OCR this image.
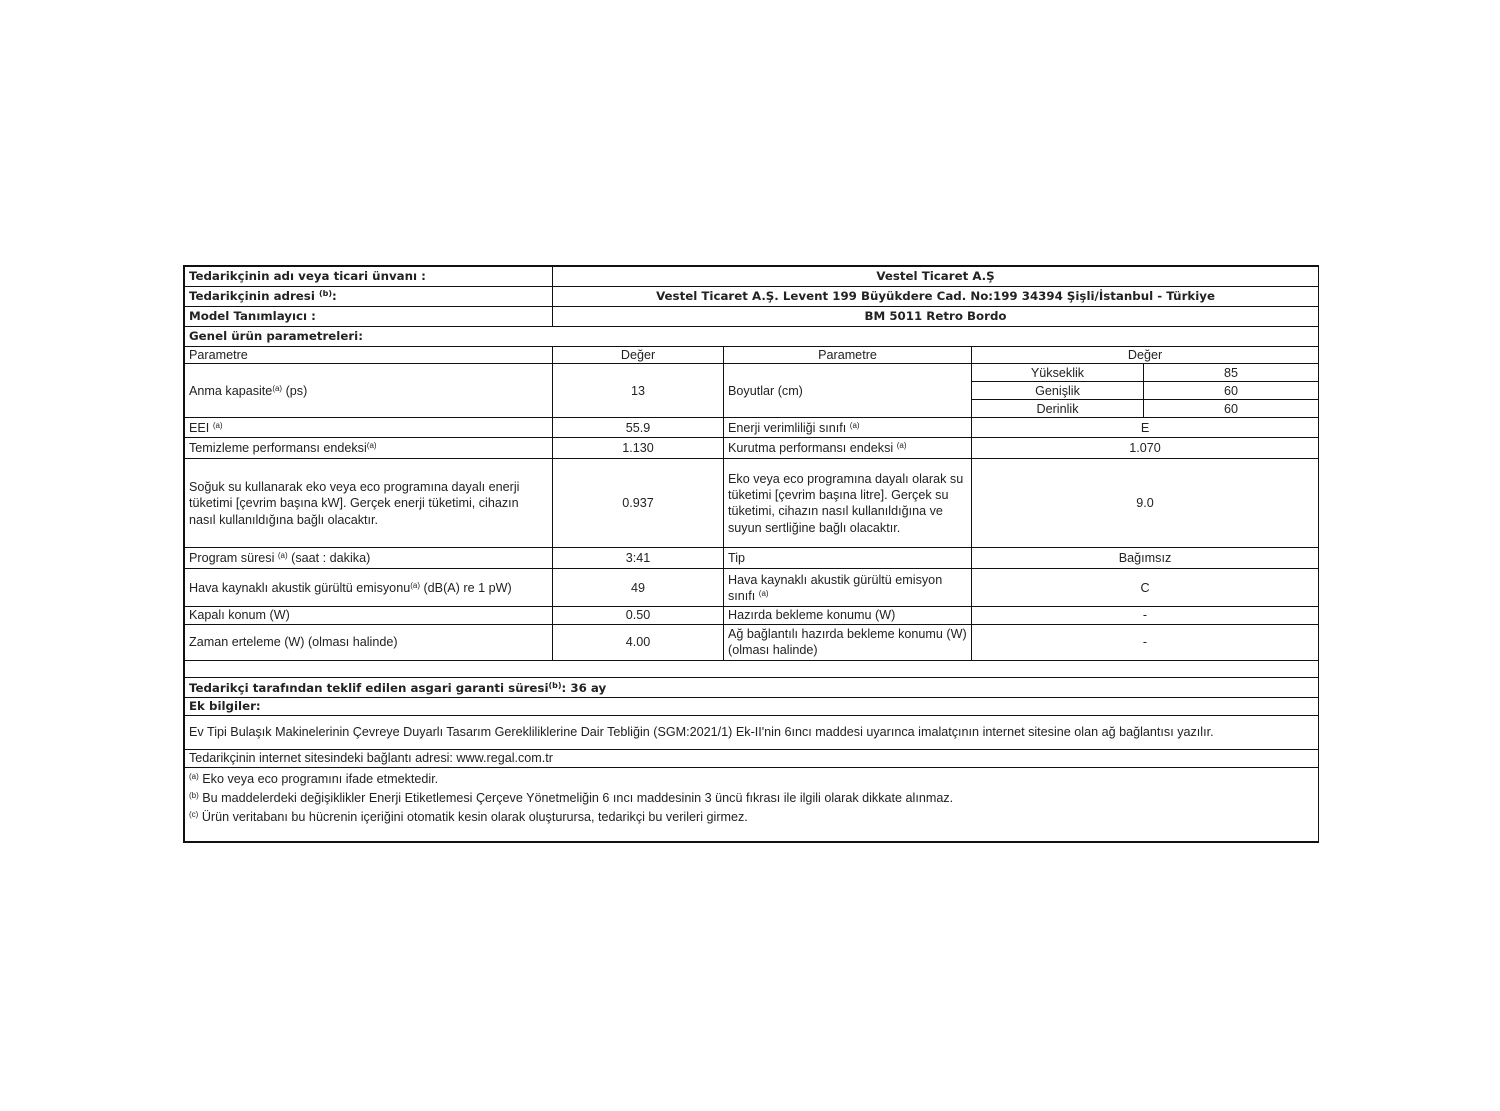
Tedarikçinin adı veya ticari ünvanı :	Vestel Ticaret A.Ş			
Tedarikçinin adresi $^{(b)}$:	Vestel Ticaret A.Ş. Levent 199 Büyükdere Cad. No:199 34394 Şişli/İstanbul - Türkiye			
Model Tanımlayıcı :	BM 5011 Retro Bordo			
Genel ürün parametreleri:				
Parametre	Değer	Parametre	Değer	
Anma kapasite$^{(a)}$ (ps)	13	Boyutlar (cm)	Yükseklik	85
			Genişlik	60
			Derinlik	60
EEI $^{(a)}$	55.9	Enerji verimliliği sınıfı $^{(a)}$	E	
Temizleme performansı endeksi$^{(a)}$	1.130	Kurutma performansı endeksi $^{(a)}$	1.070	
Soğuk su kullanarak eko veya eco programına dayalı enerji tüketimi [çevrim başına kW]. Gerçek enerji tüketimi, cihazın nasıl kullanıldığına bağlı olacaktır.	0.937	Eko veya eco programına dayalı olarak su tüketimi [çevrim başına litre]. Gerçek su tüketimi, cihazın nasıl kullanıldığına ve suyun sertliğine bağlı olacaktır.	9.0	
Program süresi $^{(a)}$ (saat : dakika)	3:41	Tip	Bağımsız	
Hava kaynaklı akustik gürültü emisyonu$^{(a)}$ (dB(A) re 1 pW)	49	Hava kaynaklı akustik gürültü emisyon sınıfı $^{(a)}$	C	
Kapalı konum (W)	0.50	Hazırda bekleme konumu (W)	-	
Zaman erteleme (W) (olması halinde)	4.00	Ağ bağlantılı hazırda bekleme konumu (W) (olması halinde)	-	

Tedarikçi tarafından teklif edilen asgari garanti süresi$^{(b)}$: 36 ay				
Ek bilgiler:				
Ev Tipi Bulaşık Makinelerinin Çevreye Duyarlı Tasarım Gerekliliklerine Dair Tebliğin (SGM:2021/1) Ek-II'nin 6ıncı maddesi uyarınca imalatçının internet sitesine olan ağ bağlantısı yazılır.				
Tedarikçinin internet sitesindeki bağlantı adresi: www.regal.com.tr				

$^{(a)}$ Eko veya eco programını ifade etmektedir.
$^{(b)}$ Bu maddelerdeki değişiklikler Enerji Etiketlemesi Çerçeve Yönetmeliğin 6 ıncı maddesinin 3 üncü fıkrası ile ilgili olarak dikkate alınmaz.
$^{(c)}$ Ürün veritabanı bu hücrenin içeriğini otomatik kesin olarak oluşturursa, tedarikçi bu verileri girmez.				
